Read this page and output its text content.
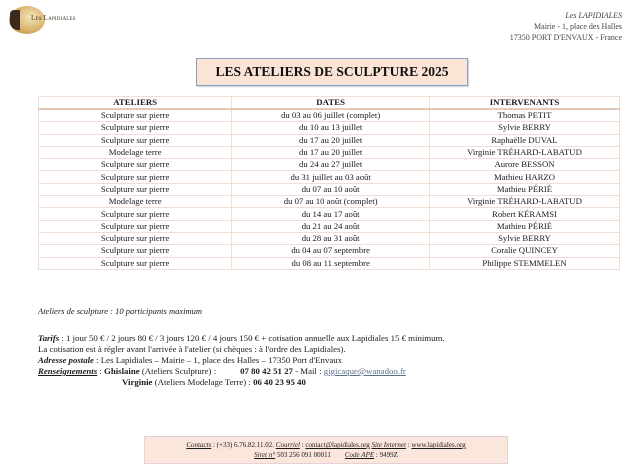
Les Lapidiales	Les LAPIDIALES
Mairie - 1, place des Halles
17350 PORT D'ENVAUX - France
LES ATELIERS DE SCULPTURE 2025
ATELIERS	DATES	INTERVENANTS
Sculpture sur pierre	du 03 au 06 juillet (complet)	Thomas PETIT
Sculpture sur pierre	du 10 au 13 juillet	Sylvie BERRY
Sculpture sur pierre	du 17 au 20 juillet	Raphaëlle DUVAL
Modelage terre	du 17 au 20 juillet	Virginie TRÉHARD-LABATUD
Sculpture sur pierre	du 24 au 27 juillet	Aurore BESSON
Sculpture sur pierre	du 31 juillet au 03 août	Mathieu HARZO
Sculpture sur pierre	du 07 au 10 août	Mathieu PÉRIÉ
Modelage terre	du 07 au 10 août (complet)	Virginie TRÉHARD-LABATUD
Sculpture sur pierre	du 14 au 17 août	Robert KÉRAMSI
Sculpture sur pierre	du 21 au 24 août	Mathieu PÉRIÉ
Sculpture sur pierre	du 28 au 31 août	Sylvie BERRY
Sculpture sur pierre	du 04 au 07 septembre	Coralie QUINCEY
Sculpture sur pierre	du 08 au 11 septembre	Philippe STEMMELEN
Ateliers de sculpture : 10 participants maximum
Tarifs : 1 jour 50 € / 2 jours 80 € / 3 jours 120 € / 4 jours 150 € + cotisation annuelle aux Lapidiales 15 € minimum.
La cotisation est à régler avant l'arrivée à l'atelier (si chèques : à l'ordre des Lapidiales).
Adresse postale : Les Lapidiales – Mairie – 1, place des Halles – 17350 Port d'Envaux
Renseignements : Ghislaine (Ateliers Sculpture) :	07 80 42 51 27 - Mail : gigicaque@wanadoo.fr
Virginie (Ateliers Modelage Terre) : 06 40 23 95 40
Contacts : (+33) 6.76.82.11.02. Courriel : contact@lapidiales.org Site Internet : www.lapidiales.org
Siret n° 503 256 091 00011 Code APE : 9499Z
